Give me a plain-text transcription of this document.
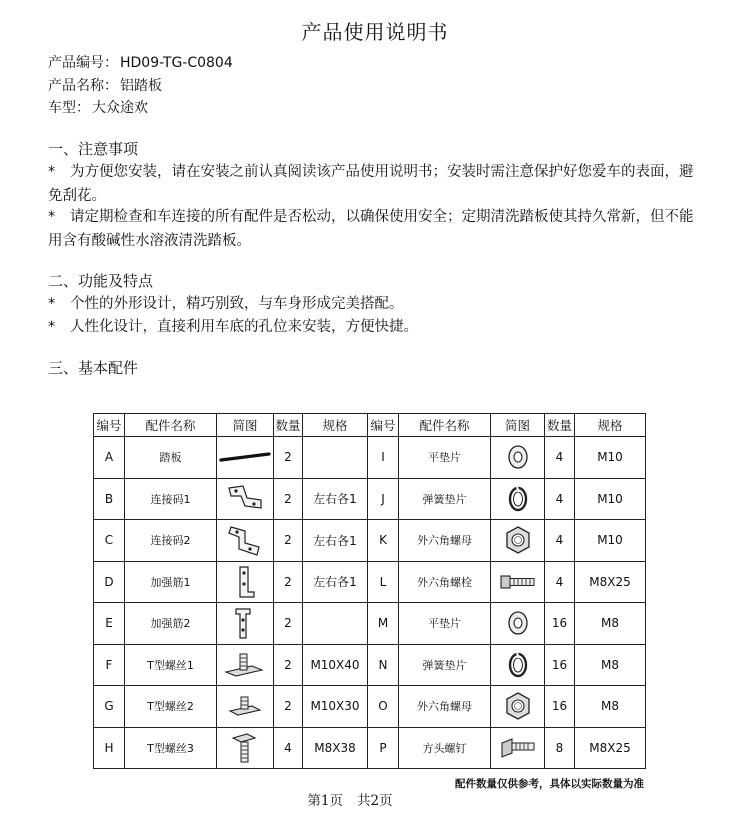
产品使用说明书
产品编号： HD09-TG-C0804
产品名称： 铝踏板
车型： 大众途欢
一、注意事项
* 为方便您安装，请在安装之前认真阅读该产品使用说明书；安装时需注意保护好您爱车的表面，避免刮花。
* 请定期检查和车连接的所有配件是否松动，以确保使用安全；定期清洗踏板使其持久常新，但不能用含有酸碱性水溶液清洗踏板。
二、功能及特点
* 个性的外形设计，精巧别致，与车身形成完美搭配。
* 人性化设计，直接利用车底的孔位来安装，方便快捷。
三、基本配件
编号	配件名称	简图	数量	规格	编号	配件名称	简图	数量	规格
A	踏板		2		I	平垫片		4	M10
B	连接码1		2	左右各1	J	弹簧垫片		4	M10
C	连接码2		2	左右各1	K	外六角螺母		4	M10
D	加强筋1		2	左右各1	L	外六角螺栓		4	M8X25
E	加强筋2		2		M	平垫片		16	M8
F	T型螺丝1		2	M10X40	N	弹簧垫片		16	M8
G	T型螺丝2		2	M10X30	O	外六角螺母		16	M8
H	T型螺丝3		4	M8X38	P	方头螺钉		8	M8X25
配件数量仅供参考，具体以实际数量为准
第1页 共2页
